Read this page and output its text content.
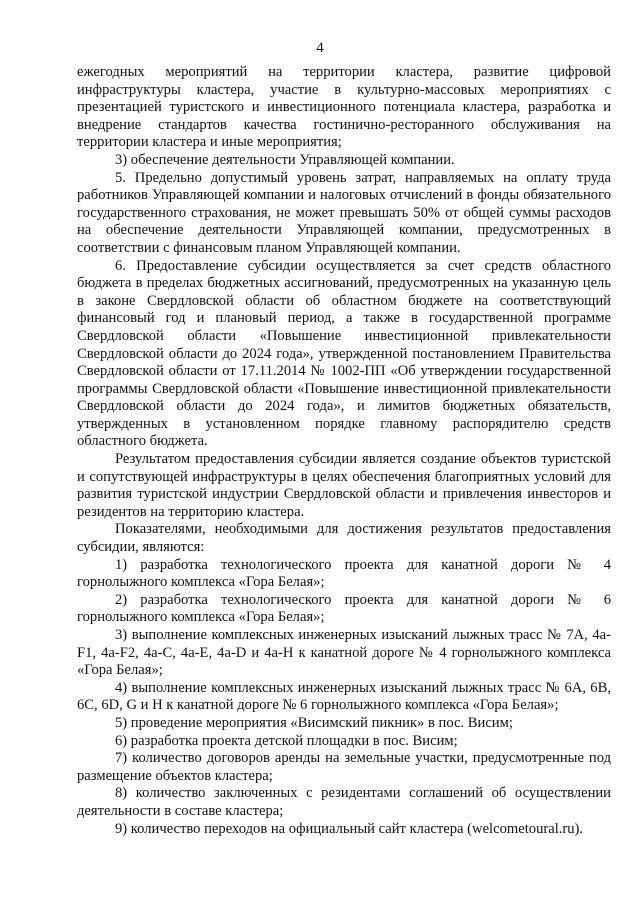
4

ежегодных мероприятий на территории кластера, развитие цифровой инфраструктуры кластера, участие в культурно-массовых мероприятиях с презентацией туристского и инвестиционного потенциала кластера, разработка и внедрение стандартов качества гостинично-ресторанного обслуживания на территории кластера и иные мероприятия;

3) обеспечение деятельности Управляющей компании.

5. Предельно допустимый уровень затрат, направляемых на оплату труда работников Управляющей компании и налоговых отчислений в фонды обязательного государственного страхования, не может превышать 50% от общей суммы расходов на обеспечение деятельности Управляющей компании, предусмотренных в соответствии с финансовым планом Управляющей компании.

6. Предоставление субсидии осуществляется за счет средств областного бюджета в пределах бюджетных ассигнований, предусмотренных на указанную цель в законе Свердловской области об областном бюджете на соответствующий финансовый год и плановый период, а также в государственной программе Свердловской области «Повышение инвестиционной привлекательности Свердловской области до 2024 года», утвержденной постановлением Правительства Свердловской области от 17.11.2014 № 1002-ПП «Об утверждении государственной программы Свердловской области «Повышение инвестиционной привлекательности Свердловской области до 2024 года», и лимитов бюджетных обязательств, утвержденных в установленном порядке главному распорядителю средств областного бюджета.

Результатом предоставления субсидии является создание объектов туристской и сопутствующей инфраструктуры в целях обеспечения благоприятных условий для развития туристской индустрии Свердловской области и привлечения инвесторов и резидентов на территорию кластера.

Показателями, необходимыми для достижения результатов предоставления субсидии, являются:

1) разработка технологического проекта для канатной дороги № 4 горнолыжного комплекса «Гора Белая»;

2) разработка технологического проекта для канатной дороги № 6 горнолыжного комплекса «Гора Белая»;

3) выполнение комплексных инженерных изысканий лыжных трасс № 7А, 4а-F1, 4а-F2, 4а-С, 4а-Е, 4а-D и 4а-Н к канатной дороге № 4 горнолыжного комплекса «Гора Белая»;

4) выполнение комплексных инженерных изысканий лыжных трасс № 6А, 6В, 6С, 6D, G и Н к канатной дороге № 6 горнолыжного комплекса «Гора Белая»;

5) проведение мероприятия «Висимский пикник» в пос. Висим;

6) разработка проекта детской площадки в пос. Висим;

7) количество договоров аренды на земельные участки, предусмотренные под размещение объектов кластера;

8) количество заключенных с резидентами соглашений об осуществлении деятельности в составе кластера;

9) количество переходов на официальный сайт кластера (welcometoural.ru).
